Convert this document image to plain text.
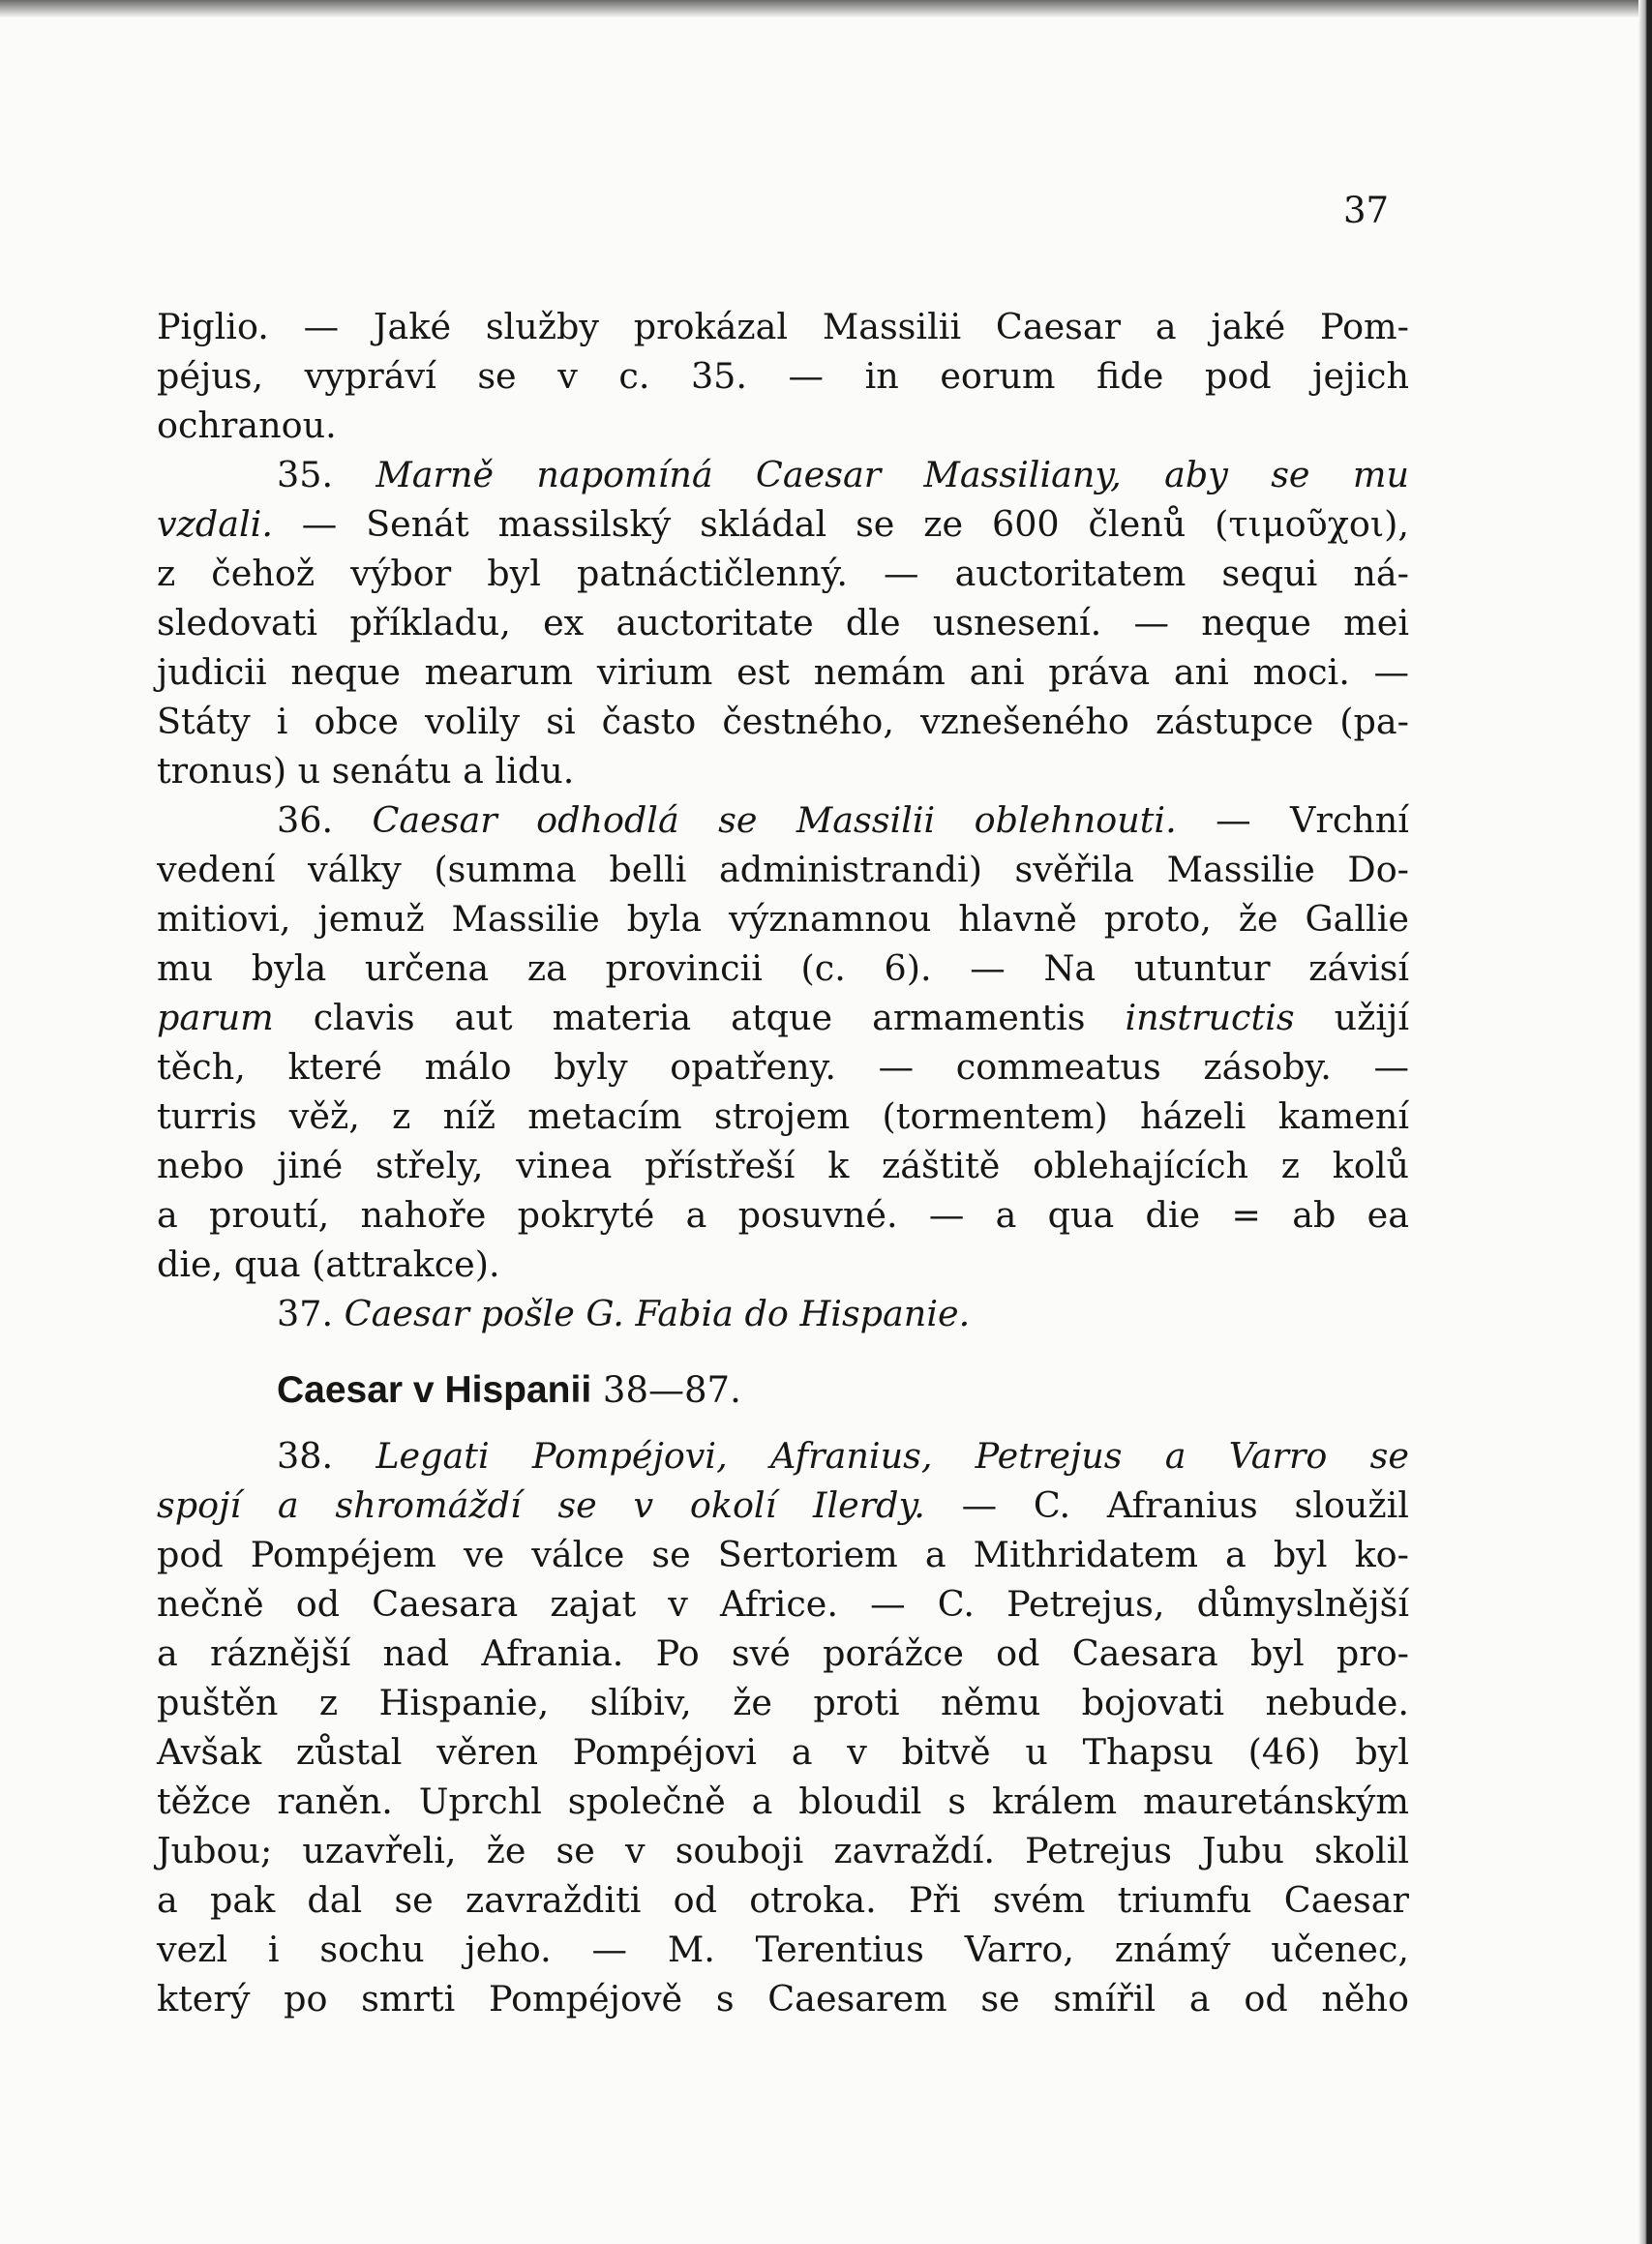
37
Piglio. — Jaké služby prokázal Massilii Caesar a jaké Pom-
péjus, vypráví se v c. 35. — in eorum fide pod jejich
ochranou.
35. Marně napomíná Caesar Massiliany, aby se mu
vzdali. — Senát massilský skládal se ze 600 členů (τιμοῦχοι),
z čehož výbor byl patnáctičlenný. — auctoritatem sequi ná-
sledovati příkladu, ex auctoritate dle usnesení. — neque mei
judicii neque mearum virium est nemám ani práva ani moci. —
Státy i obce volily si často čestného, vznešeného zástupce (pa-
tronus) u senátu a lidu.
36. Caesar odhodlá se Massilii oblehnouti. — Vrchní
vedení války (summa belli administrandi) svěřila Massilie Do-
mitiovi, jemuž Massilie byla významnou hlavně proto, že Gallie
mu byla určena za provincii (c. 6). — Na utuntur závisí
parum clavis aut materia atque armamentis instructis užijí
těch, které málo byly opatřeny. — commeatus zásoby. —
turris věž, z níž metacím strojem (tormentem) házeli kamení
nebo jiné střely, vinea přístřeší k záštitě oblehajících z kolů
a proutí, nahoře pokryté a posuvné. — a qua die = ab ea
die, qua (attrakce).
37. Caesar pošle G. Fabia do Hispanie.
Caesar v Hispanii 38—87.
38. Legati Pompéjovi, Afranius, Petrejus a Varro se
spojí a shromáždí se v okolí Ilerdy. — C. Afranius sloužil
pod Pompéjem ve válce se Sertoriem a Mithridatem a byl ko-
nečně od Caesara zajat v Africe. — C. Petrejus, důmyslnější
a ráznější nad Afrania. Po své porážce od Caesara byl pro-
puštěn z Hispanie, slíbiv, že proti němu bojovati nebude.
Avšak zůstal věren Pompéjovi a v bitvě u Thapsu (46) byl
těžce raněn. Uprchl společně a bloudil s králem mauretánským
Jubou; uzavřeli, že se v souboji zavraždí. Petrejus Jubu skolil
a pak dal se zavražditi od otroka. Při svém triumfu Caesar
vezl i sochu jeho. — M. Terentius Varro, známý učenec,
který po smrti Pompéjově s Caesarem se smířil a od něho
